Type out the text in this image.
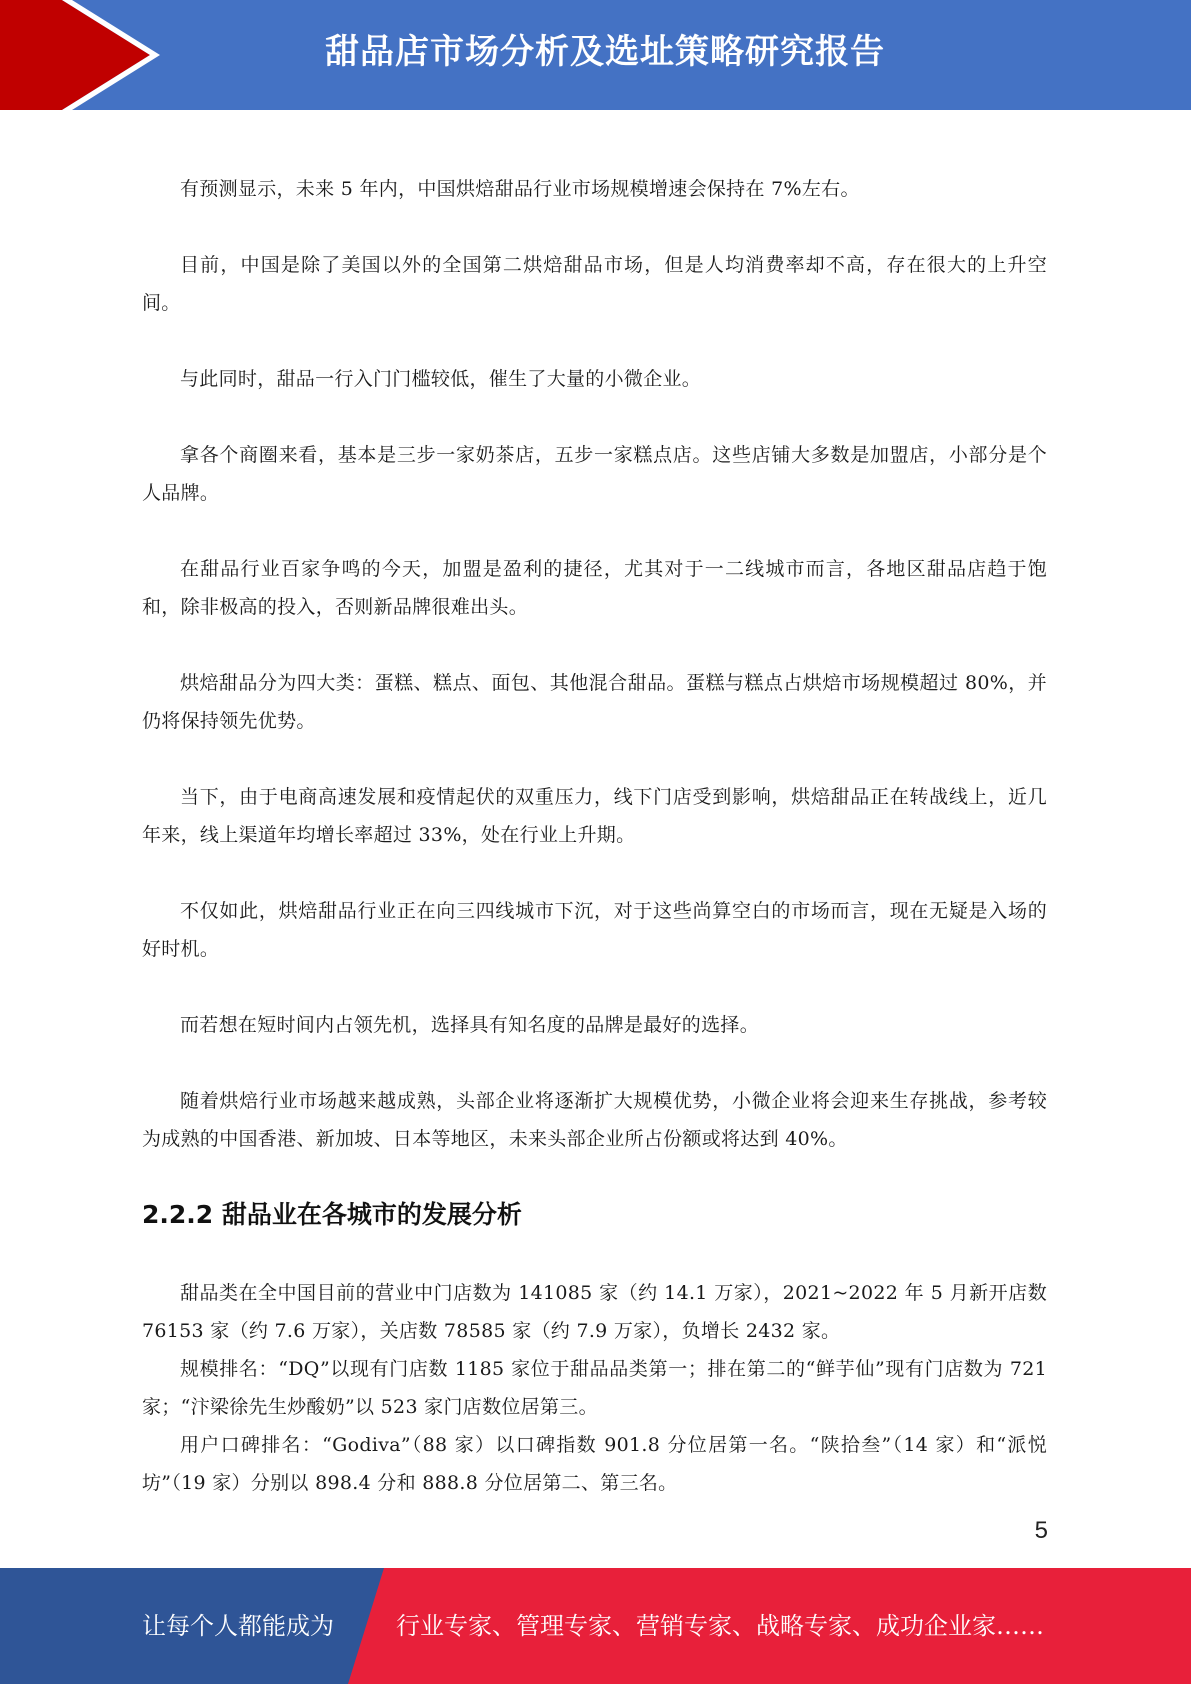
甜品店市场分析及选址策略研究报告

有预测显示，未来 5 年内，中国烘焙甜品行业市场规模增速会保持在 7%左右。

目前，中国是除了美国以外的全国第二烘焙甜品市场，但是人均消费率却不高，存在很大的上升空间。

与此同时，甜品一行入门门槛较低，催生了大量的小微企业。

拿各个商圈来看，基本是三步一家奶茶店，五步一家糕点店。这些店铺大多数是加盟店，小部分是个人品牌。

在甜品行业百家争鸣的今天，加盟是盈利的捷径，尤其对于一二线城市而言，各地区甜品店趋于饱和，除非极高的投入，否则新品牌很难出头。

烘焙甜品分为四大类：蛋糕、糕点、面包、其他混合甜品。蛋糕与糕点占烘焙市场规模超过 80%，并仍将保持领先优势。

当下，由于电商高速发展和疫情起伏的双重压力，线下门店受到影响，烘焙甜品正在转战线上，近几年来，线上渠道年均增长率超过 33%，处在行业上升期。

不仅如此，烘焙甜品行业正在向三四线城市下沉，对于这些尚算空白的市场而言，现在无疑是入场的好时机。

而若想在短时间内占领先机，选择具有知名度的品牌是最好的选择。

随着烘焙行业市场越来越成熟，头部企业将逐渐扩大规模优势，小微企业将会迎来生存挑战，参考较为成熟的中国香港、新加坡、日本等地区，未来头部企业所占份额或将达到 40%。

2.2.2 甜品业在各城市的发展分析

甜品类在全中国目前的营业中门店数为 141085 家（约 14.1 万家），2021~2022 年 5 月新开店数 76153 家（约 7.6 万家），关店数 78585 家（约 7.9 万家），负增长 2432 家。

规模排名：“DQ”以现有门店数 1185 家位于甜品品类第一；排在第二的“鲜芋仙”现有门店数为 721 家；“汴梁徐先生炒酸奶”以 523 家门店数位居第三。

用户口碑排名：“Godiva”（88 家）以口碑指数 901.8 分位居第一名。“陕拾叁”（14 家）和“派悦坊”（19 家）分别以 898.4 分和 888.8 分位居第二、第三名。

5
让每个人都能成为	行业专家、管理专家、营销专家、战略专家、成功企业家……
